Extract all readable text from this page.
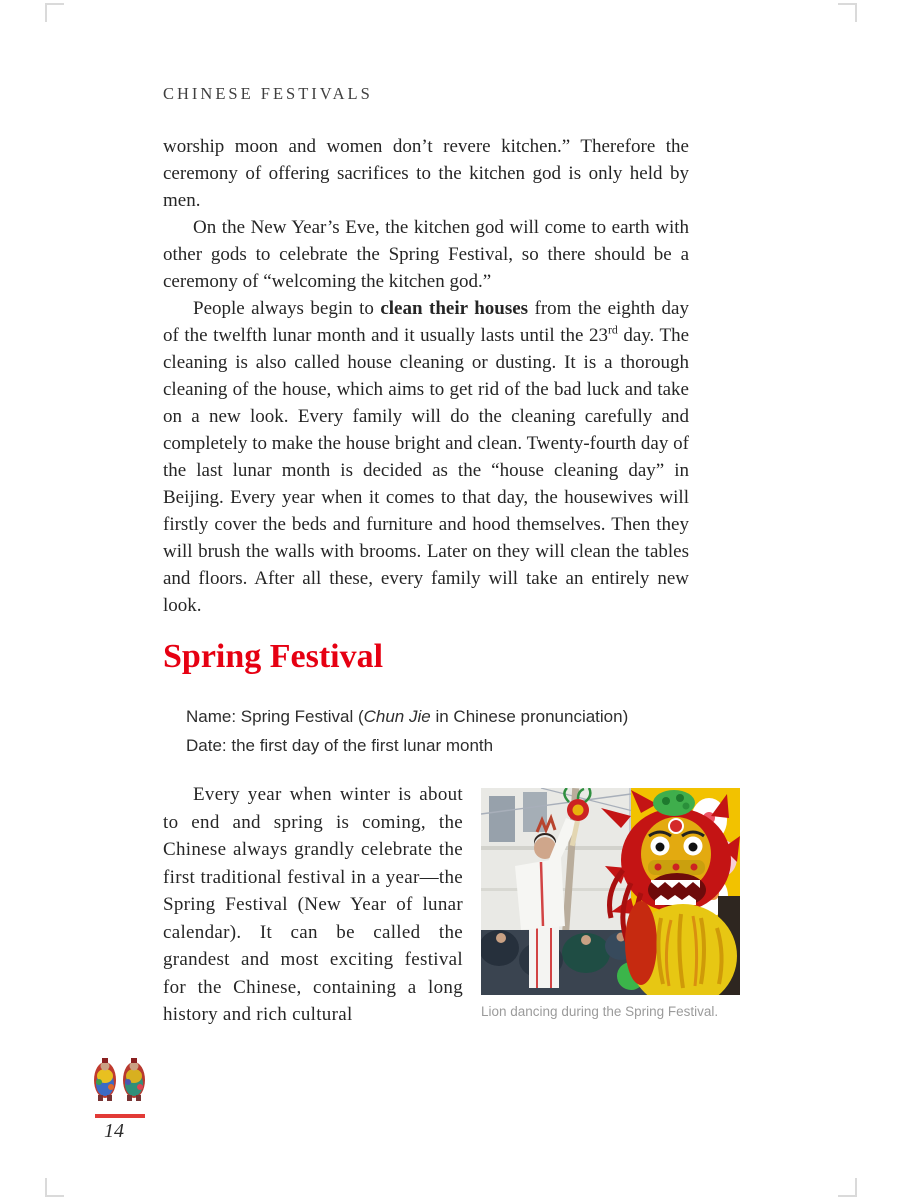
CHINESE FESTIVALS

worship moon and women don’t revere kitchen.” Therefore the ceremony of offering sacrifices to the kitchen god is only held by men.

On the New Year’s Eve, the kitchen god will come to earth with other gods to celebrate the Spring Festival, so there should be a ceremony of “welcoming the kitchen god.”

People always begin to clean their houses from the eighth day of the twelfth lunar month and it usually lasts until the 23rd day. The cleaning is also called house cleaning or dusting. It is a thorough cleaning of the house, which aims to get rid of the bad luck and take on a new look. Every family will do the cleaning carefully and completely to make the house bright and clean. Twenty-fourth day of the last lunar month is decided as the “house cleaning day” in Beijing. Every year when it comes to that day, the housewives will firstly cover the beds and furniture and hood themselves. Then they will brush the walls with brooms. Later on they will clean the tables and floors. After all these, every family will take an entirely new look.

Spring Festival
Name: Spring Festival (Chun Jie in Chinese pronunciation)
Date: the first day of the first lunar month

Every year when winter is about to end and spring is coming, the Chinese always grandly celebrate the first traditional festival in a year—the Spring Festival (New Year of lunar calendar). It can be called the grandest and most exciting festival for the Chinese, containing a long history and rich cultural	Lion dancing during the Spring Festival.
14
